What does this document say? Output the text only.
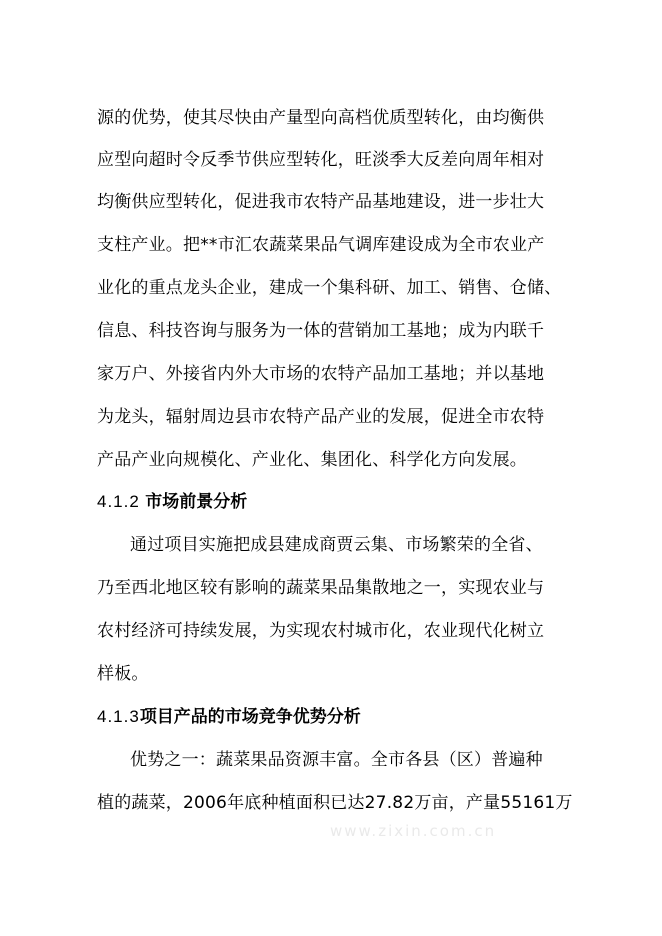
源的优势，使其尽快由产量型向高档优质型转化，由均衡供
应型向超时令反季节供应型转化，旺淡季大反差向周年相对
均衡供应型转化，促进我市农特产品基地建设，进一步壮大
支柱产业。把**市汇农蔬菜果品气调库建设成为全市农业产
业化的重点龙头企业，建成一个集科研、加工、销售、仓储、
信息、科技咨询与服务为一体的营销加工基地；成为内联千
家万户、外接省内外大市场的农特产品加工基地；并以基地
为龙头，辐射周边县市农特产品产业的发展，促进全市农特
产品产业向规模化、产业化、集团化、科学化方向发展。
4.1.2 市场前景分析
通过项目实施把成县建成商贾云集、市场繁荣的全省、
乃至西北地区较有影响的蔬菜果品集散地之一，实现农业与
农村经济可持续发展，为实现农村城市化，农业现代化树立
样板。
4.1.3项目产品的市场竞争优势分析
优势之一：蔬菜果品资源丰富。全市各县（区）普遍种
植的蔬菜，2006年底种植面积已达27.82万亩，产量55161万
www.zixin.com.cn
